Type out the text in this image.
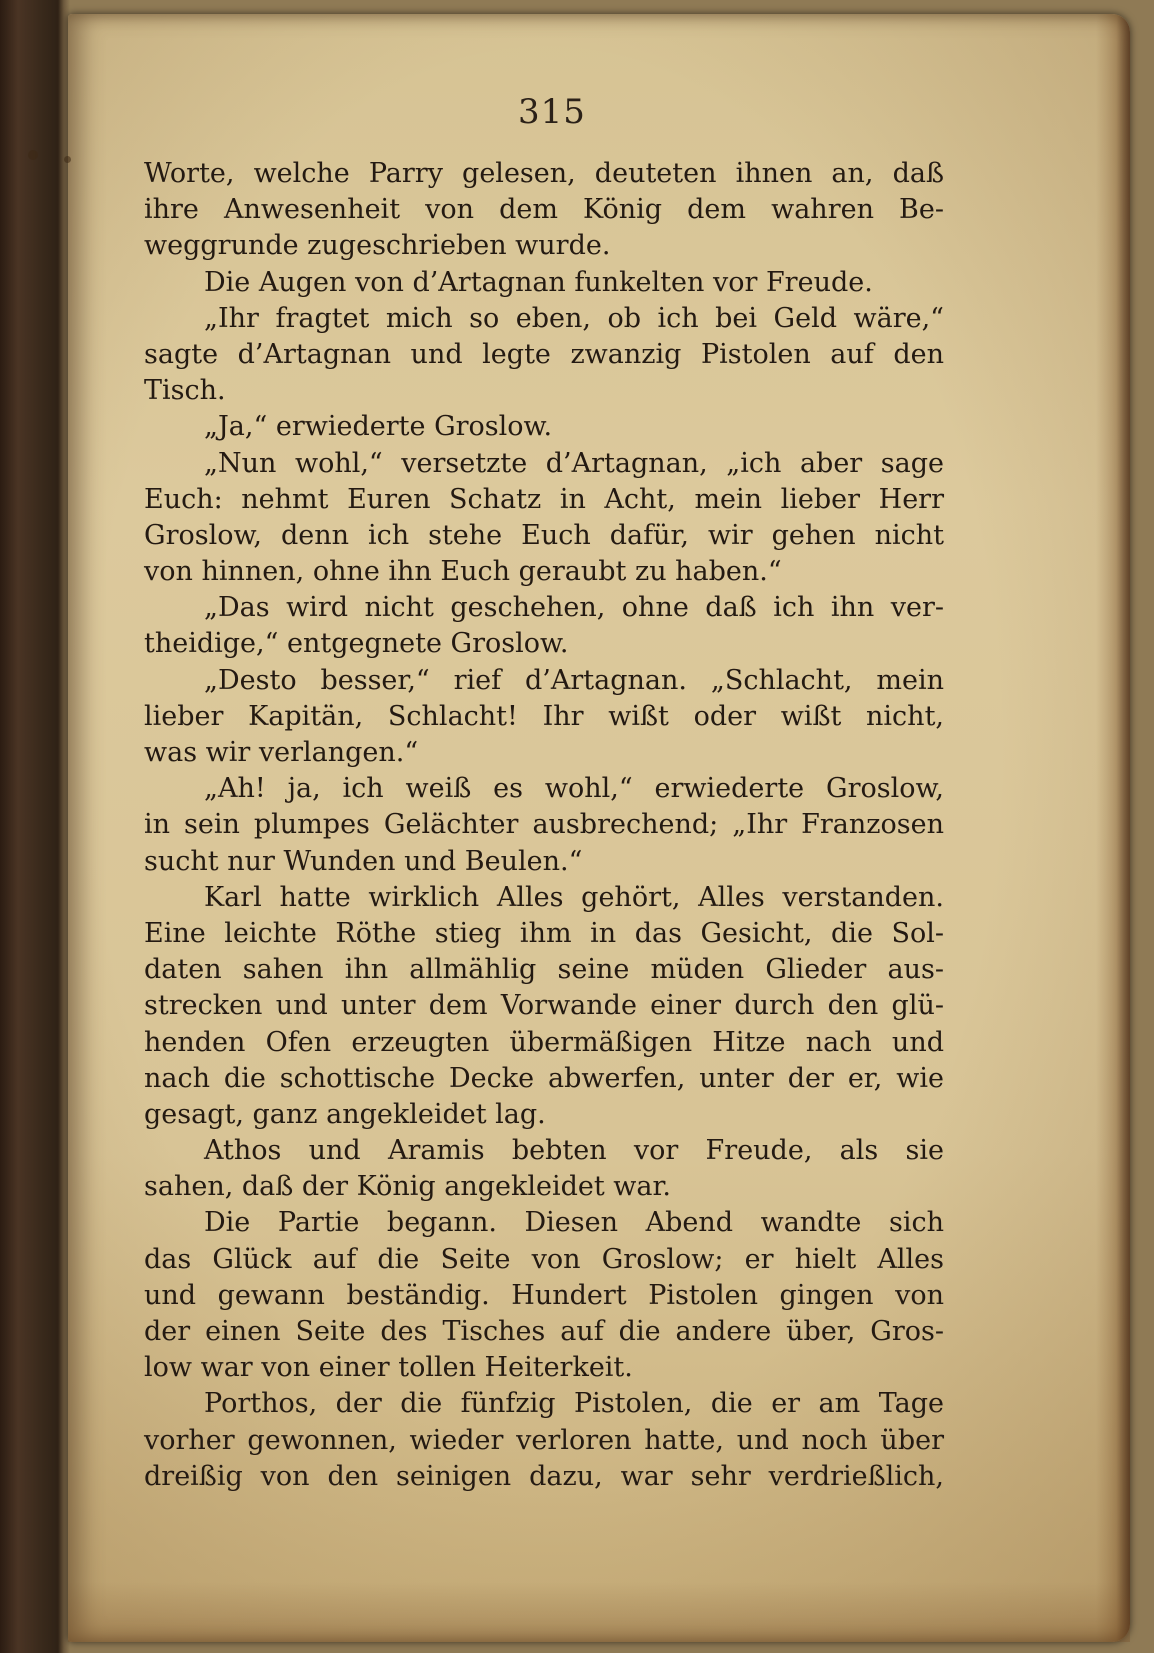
315
Worte, welche Parry gelesen, deuteten ihnen an, daß
ihre Anwesenheit von dem König dem wahren Be-
weggrunde zugeschrieben wurde.
Die Augen von d’Artagnan funkelten vor Freude.
„Ihr fragtet mich so eben, ob ich bei Geld wäre,“
sagte d’Artagnan und legte zwanzig Pistolen auf den
Tisch.
„Ja,“ erwiederte Groslow.
„Nun wohl,“ versetzte d’Artagnan, „ich aber sage
Euch: nehmt Euren Schatz in Acht, mein lieber Herr
Groslow, denn ich stehe Euch dafür, wir gehen nicht
von hinnen, ohne ihn Euch geraubt zu haben.“
„Das wird nicht geschehen, ohne daß ich ihn ver-
theidige,“ entgegnete Groslow.
„Desto besser,“ rief d’Artagnan. „Schlacht, mein
lieber Kapitän, Schlacht! Ihr wißt oder wißt nicht,
was wir verlangen.“
„Ah! ja, ich weiß es wohl,“ erwiederte Groslow,
in sein plumpes Gelächter ausbrechend; „Ihr Franzosen
sucht nur Wunden und Beulen.“
Karl hatte wirklich Alles gehört, Alles verstanden.
Eine leichte Röthe stieg ihm in das Gesicht, die Sol-
daten sahen ihn allmählig seine müden Glieder aus-
strecken und unter dem Vorwande einer durch den glü-
henden Ofen erzeugten übermäßigen Hitze nach und
nach die schottische Decke abwerfen, unter der er, wie
gesagt, ganz angekleidet lag.
Athos und Aramis bebten vor Freude, als sie
sahen, daß der König angekleidet war.
Die Partie begann. Diesen Abend wandte sich
das Glück auf die Seite von Groslow; er hielt Alles
und gewann beständig. Hundert Pistolen gingen von
der einen Seite des Tisches auf die andere über, Gros-
low war von einer tollen Heiterkeit.
Porthos, der die fünfzig Pistolen, die er am Tage
vorher gewonnen, wieder verloren hatte, und noch über
dreißig von den seinigen dazu, war sehr verdrießlich,
